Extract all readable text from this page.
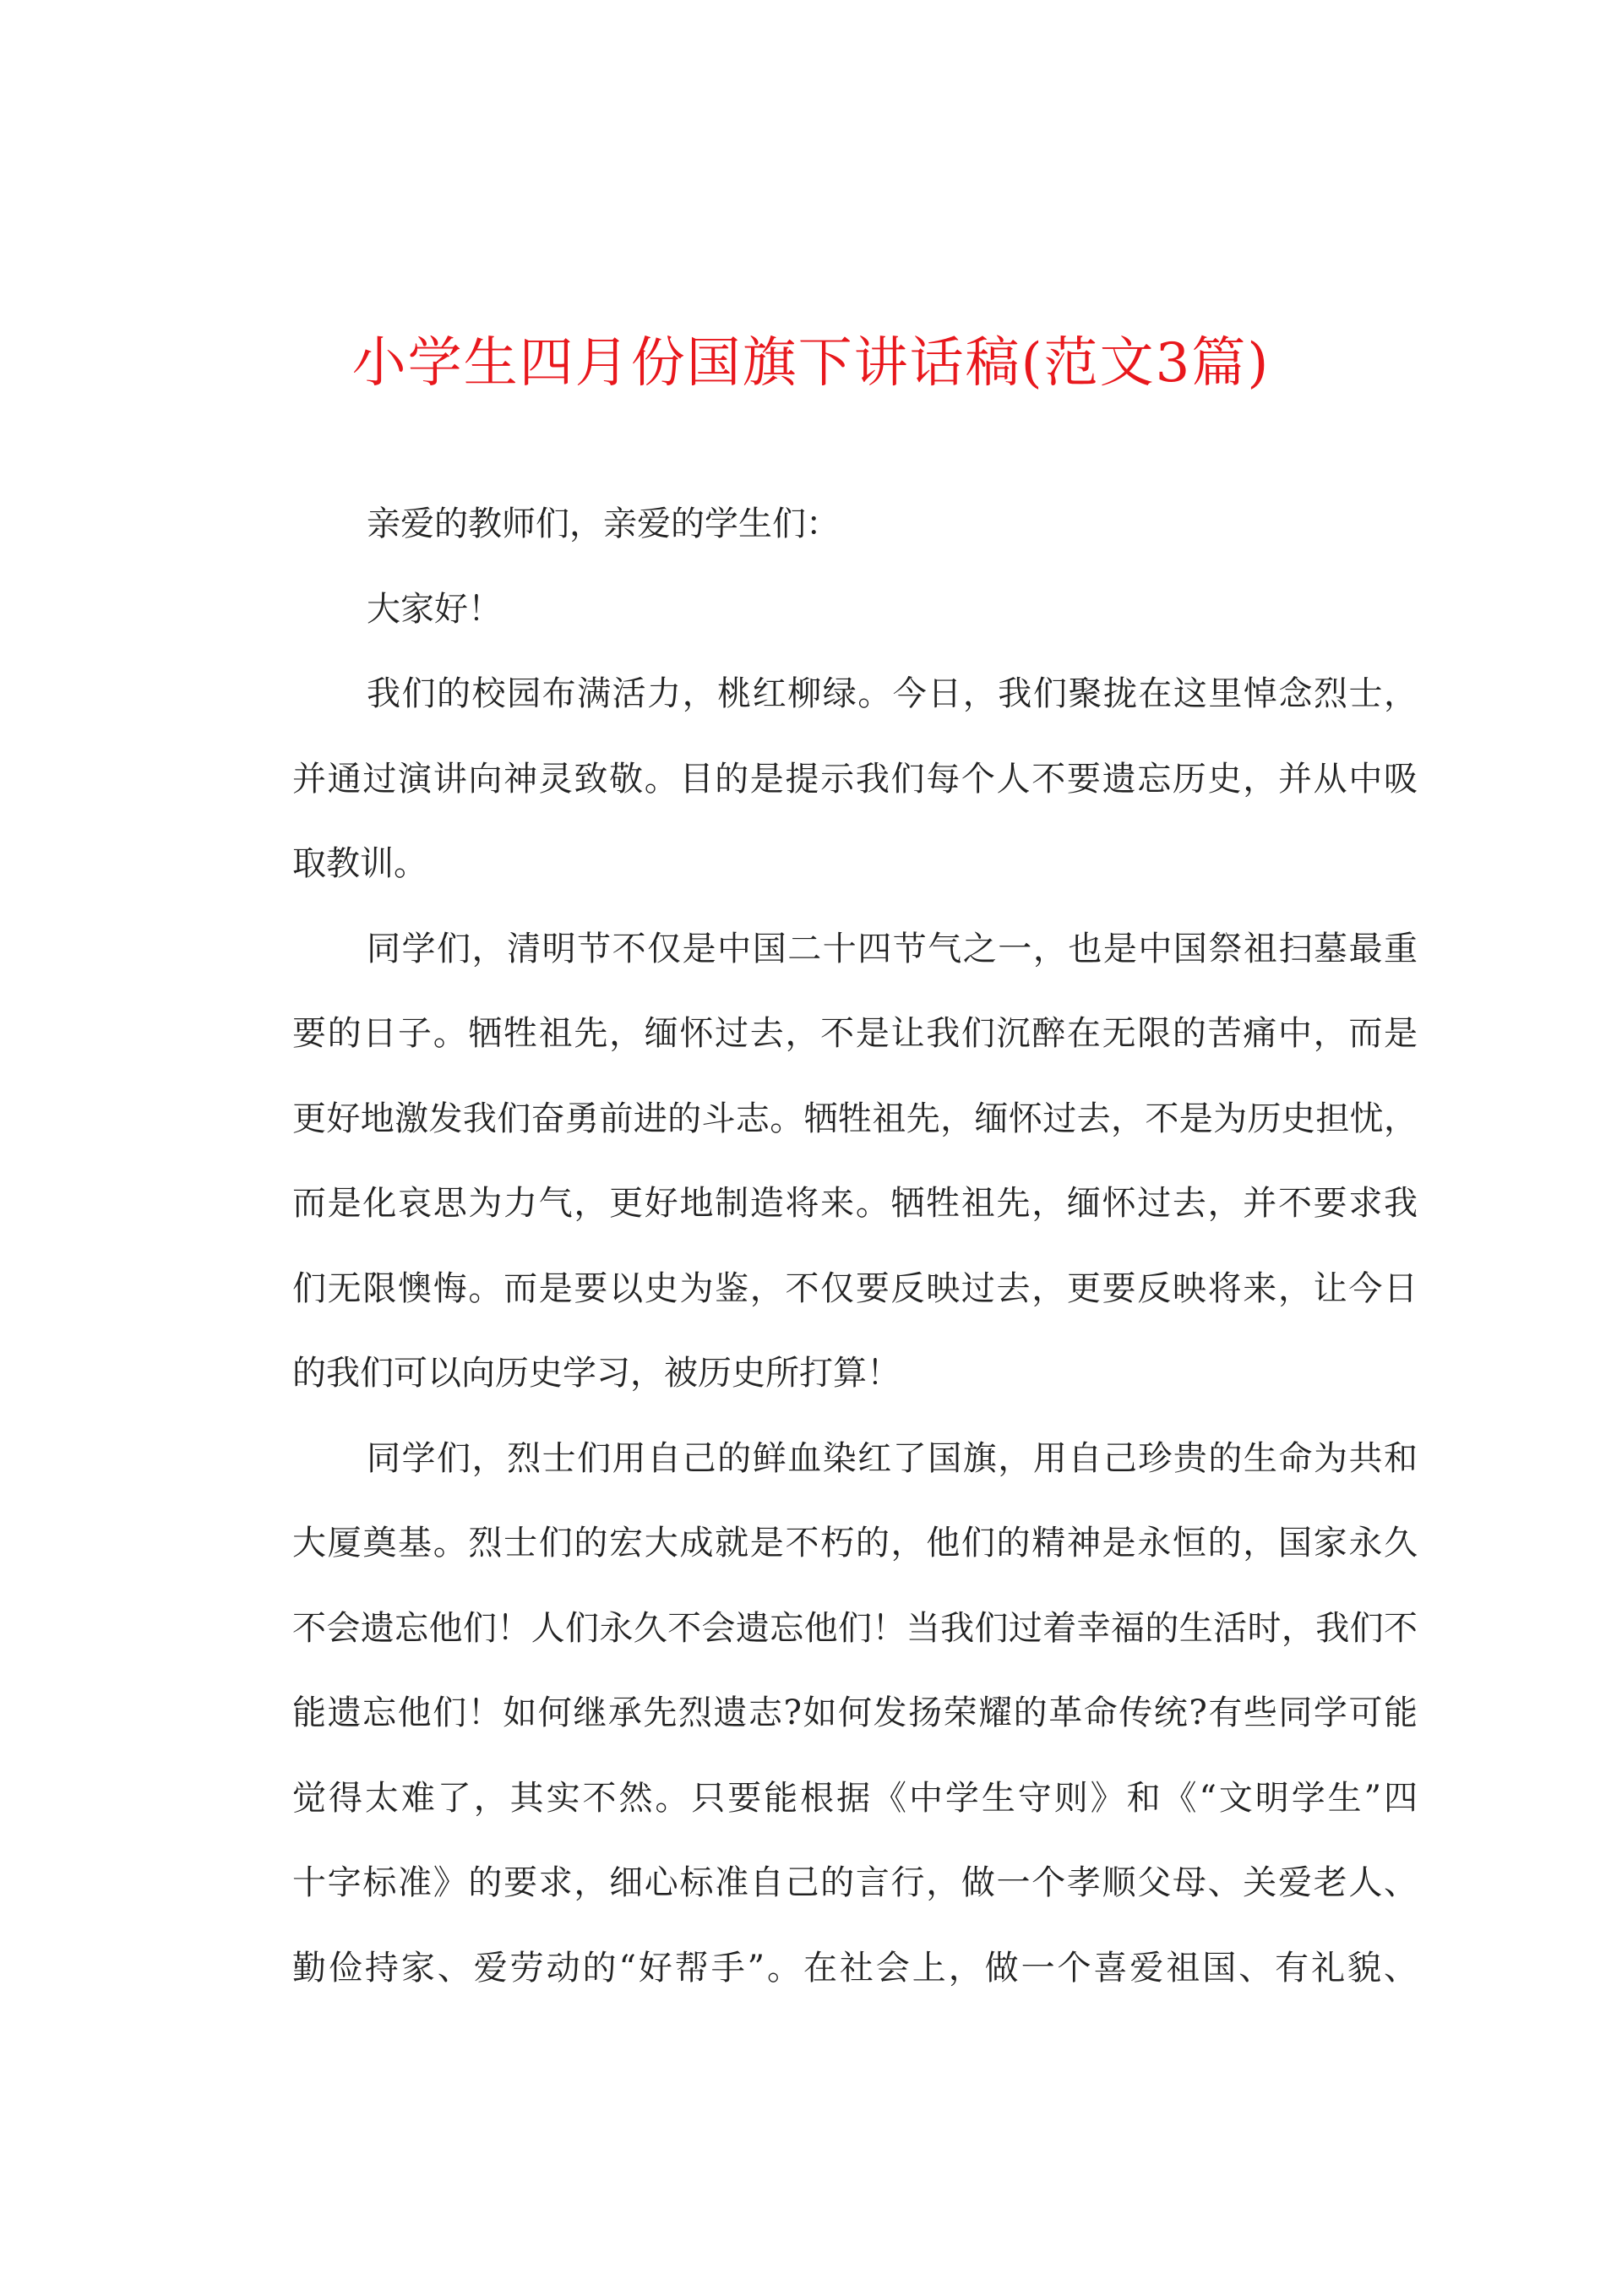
小学生四月份国旗下讲话稿(范文3篇)
亲爱的教师们，亲爱的学生们：
大家好！
我们的校园布满活力，桃红柳绿。今日，我们聚拢在这里悼念烈士，
并通过演讲向神灵致敬。目的是提示我们每个人不要遗忘历史，并从中吸
取教训。
同学们，清明节不仅是中国二十四节气之一，也是中国祭祖扫墓最重
要的日子。牺牲祖先，缅怀过去，不是让我们沉醉在无限的苦痛中，而是
更好地激发我们奋勇前进的斗志。牺牲祖先，缅怀过去，不是为历史担忧，
而是化哀思为力气，更好地制造将来。牺牲祖先，缅怀过去，并不要求我
们无限懊悔。而是要以史为鉴，不仅要反映过去，更要反映将来，让今日
的我们可以向历史学习，被历史所打算！
同学们，烈士们用自己的鲜血染红了国旗，用自己珍贵的生命为共和
大厦奠基。烈士们的宏大成就是不朽的，他们的精神是永恒的，国家永久
不会遗忘他们！人们永久不会遗忘他们！当我们过着幸福的生活时，我们不
能遗忘他们！如何继承先烈遗志?如何发扬荣耀的革命传统?有些同学可能
觉得太难了，其实不然。只要能根据《中学生守则》和《“文明学生”四
十字标准》的要求，细心标准自己的言行，做一个孝顺父母、关爱老人、
勤俭持家、爱劳动的“好帮手”。在社会上，做一个喜爱祖国、有礼貌、
